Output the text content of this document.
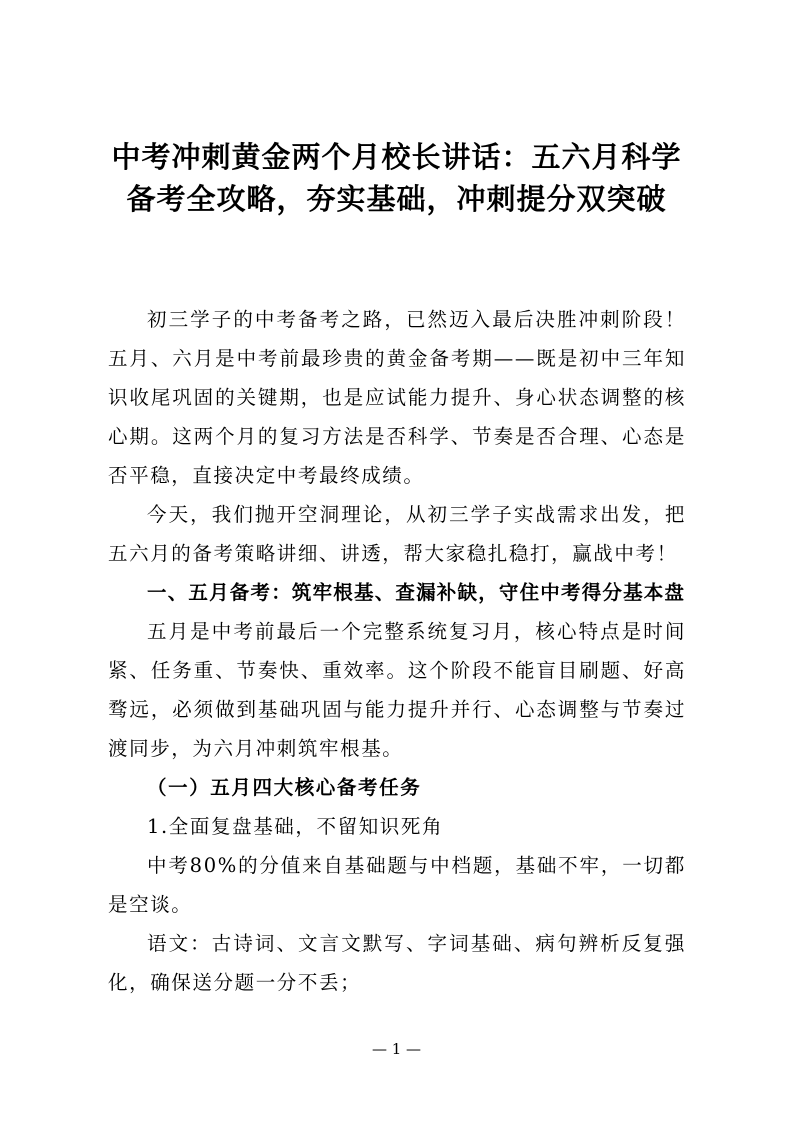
中考冲刺黄金两个月校长讲话：五六月科学备考全攻略，夯实基础，冲刺提分双突破

初三学子的中考备考之路，已然迈入最后决胜冲刺阶段！五月、六月是中考前最珍贵的黄金备考期——既是初中三年知识收尾巩固的关键期，也是应试能力提升、身心状态调整的核心期。这两个月的复习方法是否科学、节奏是否合理、心态是否平稳，直接决定中考最终成绩。

今天，我们抛开空洞理论，从初三学子实战需求出发，把五六月的备考策略讲细、讲透，帮大家稳扎稳打，赢战中考！

一、五月备考：筑牢根基、查漏补缺，守住中考得分基本盘

五月是中考前最后一个完整系统复习月，核心特点是时间紧、任务重、节奏快、重效率。这个阶段不能盲目刷题、好高骛远，必须做到基础巩固与能力提升并行、心态调整与节奏过渡同步，为六月冲刺筑牢根基。

（一）五月四大核心备考任务

1.全面复盘基础，不留知识死角

中考80%的分值来自基础题与中档题，基础不牢，一切都是空谈。

语文：古诗词、文言文默写、字词基础、病句辨析反复强化，确保送分题一分不丢；

— 1 —
